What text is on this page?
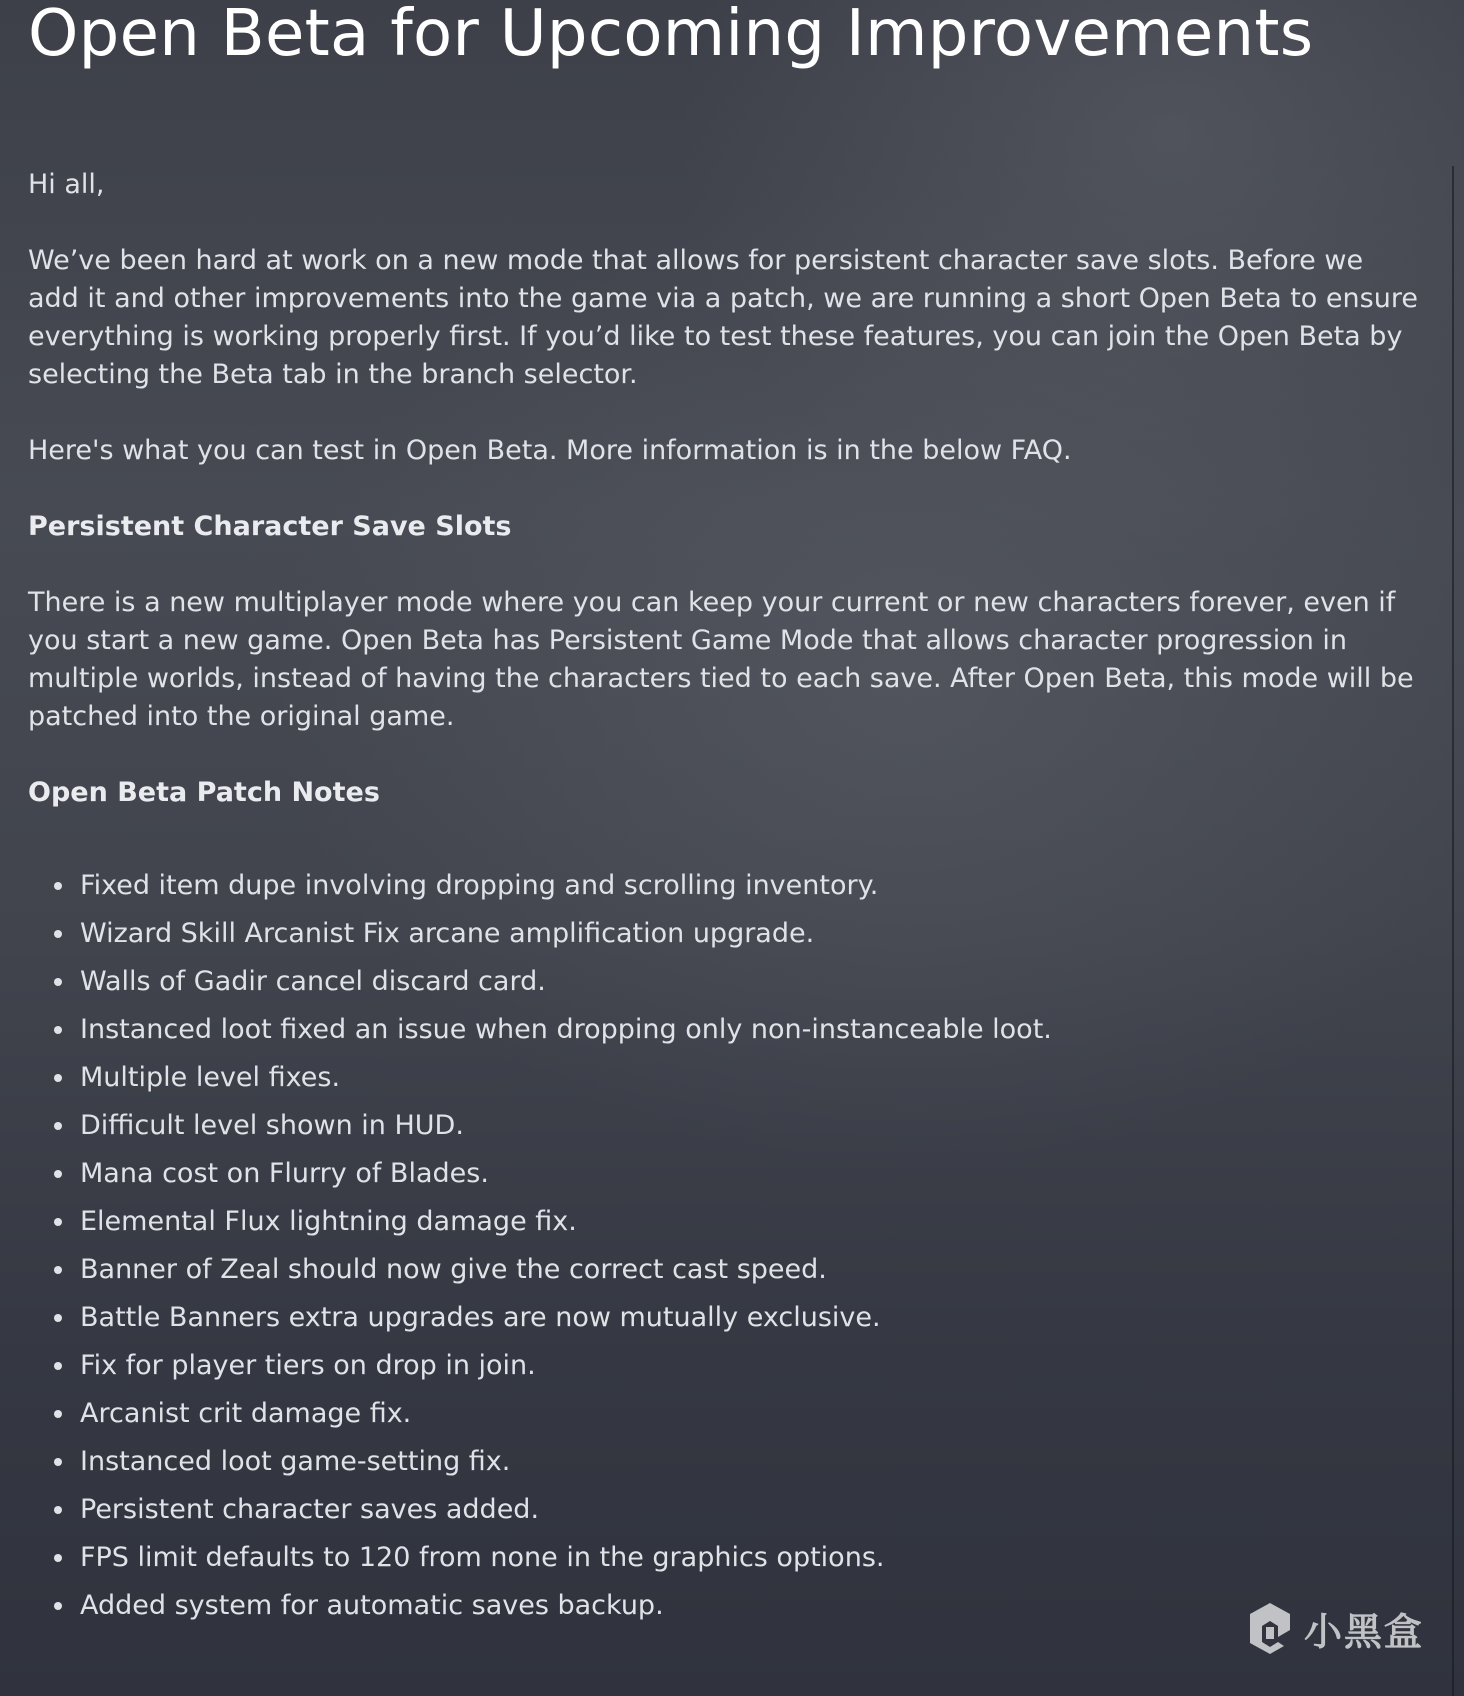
Open Beta for Upcoming Improvements

Hi all,

We’ve been hard at work on a new mode that allows for persistent character save slots. Before we add it and other improvements into the game via a patch, we are running a short Open Beta to ensure everything is working properly first. If you’d like to test these features, you can join the Open Beta by selecting the Beta tab in the branch selector.

Here's what you can test in Open Beta. More information is in the below FAQ.

Persistent Character Save Slots

There is a new multiplayer mode where you can keep your current or new characters forever, even if you start a new game. Open Beta has Persistent Game Mode that allows character progression in multiple worlds, instead of having the characters tied to each save. After Open Beta, this mode will be patched into the original game.

Open Beta Patch Notes

Fixed item dupe involving dropping and scrolling inventory.
Wizard Skill Arcanist Fix arcane amplification upgrade.
Walls of Gadir cancel discard card.
Instanced loot fixed an issue when dropping only non-instanceable loot.
Multiple level fixes.
Difficult level shown in HUD.
Mana cost on Flurry of Blades.
Elemental Flux lightning damage fix.
Banner of Zeal should now give the correct cast speed.
Battle Banners extra upgrades are now mutually exclusive.
Fix for player tiers on drop in join.
Arcanist crit damage fix.
Instanced loot game-setting fix.
Persistent character saves added.
FPS limit defaults to 120 from none in the graphics options.
Added system for automatic saves backup.
小黑盒
